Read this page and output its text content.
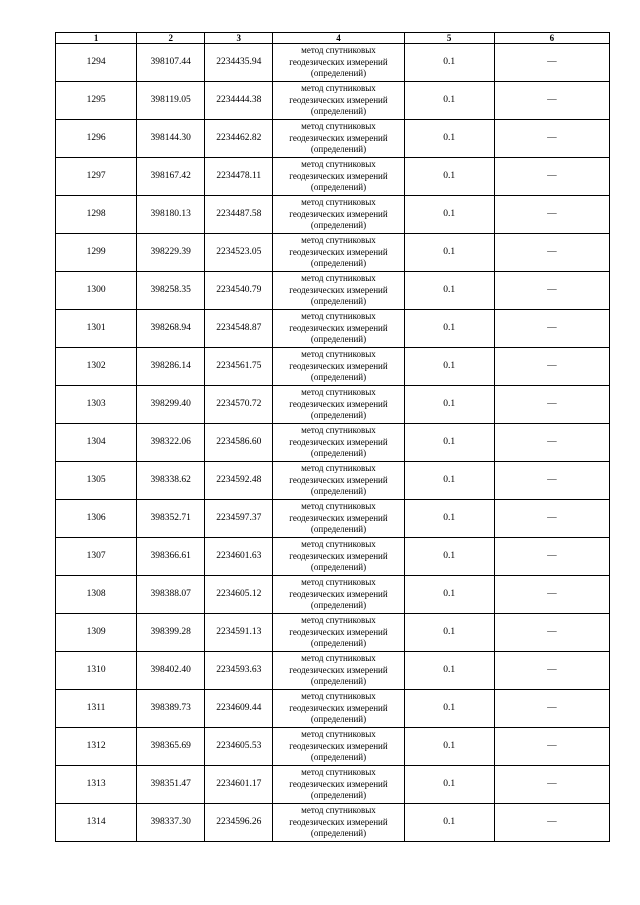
1	2	3	4	5	6
1294	398107.44	2234435.94	метод спутниковых геодезических измерений (определений)	0.1	—
1295	398119.05	2234444.38	метод спутниковых геодезических измерений (определений)	0.1	—
1296	398144.30	2234462.82	метод спутниковых геодезических измерений (определений)	0.1	—
1297	398167.42	2234478.11	метод спутниковых геодезических измерений (определений)	0.1	—
1298	398180.13	2234487.58	метод спутниковых геодезических измерений (определений)	0.1	—
1299	398229.39	2234523.05	метод спутниковых геодезических измерений (определений)	0.1	—
1300	398258.35	2234540.79	метод спутниковых геодезических измерений (определений)	0.1	—
1301	398268.94	2234548.87	метод спутниковых геодезических измерений (определений)	0.1	—
1302	398286.14	2234561.75	метод спутниковых геодезических измерений (определений)	0.1	—
1303	398299.40	2234570.72	метод спутниковых геодезических измерений (определений)	0.1	—
1304	398322.06	2234586.60	метод спутниковых геодезических измерений (определений)	0.1	—
1305	398338.62	2234592.48	метод спутниковых геодезических измерений (определений)	0.1	—
1306	398352.71	2234597.37	метод спутниковых геодезических измерений (определений)	0.1	—
1307	398366.61	2234601.63	метод спутниковых геодезических измерений (определений)	0.1	—
1308	398388.07	2234605.12	метод спутниковых геодезических измерений (определений)	0.1	—
1309	398399.28	2234591.13	метод спутниковых геодезических измерений (определений)	0.1	—
1310	398402.40	2234593.63	метод спутниковых геодезических измерений (определений)	0.1	—
1311	398389.73	2234609.44	метод спутниковых геодезических измерений (определений)	0.1	—
1312	398365.69	2234605.53	метод спутниковых геодезических измерений (определений)	0.1	—
1313	398351.47	2234601.17	метод спутниковых геодезических измерений (определений)	0.1	—
1314	398337.30	2234596.26	метод спутниковых геодезических измерений (определений)	0.1	—
